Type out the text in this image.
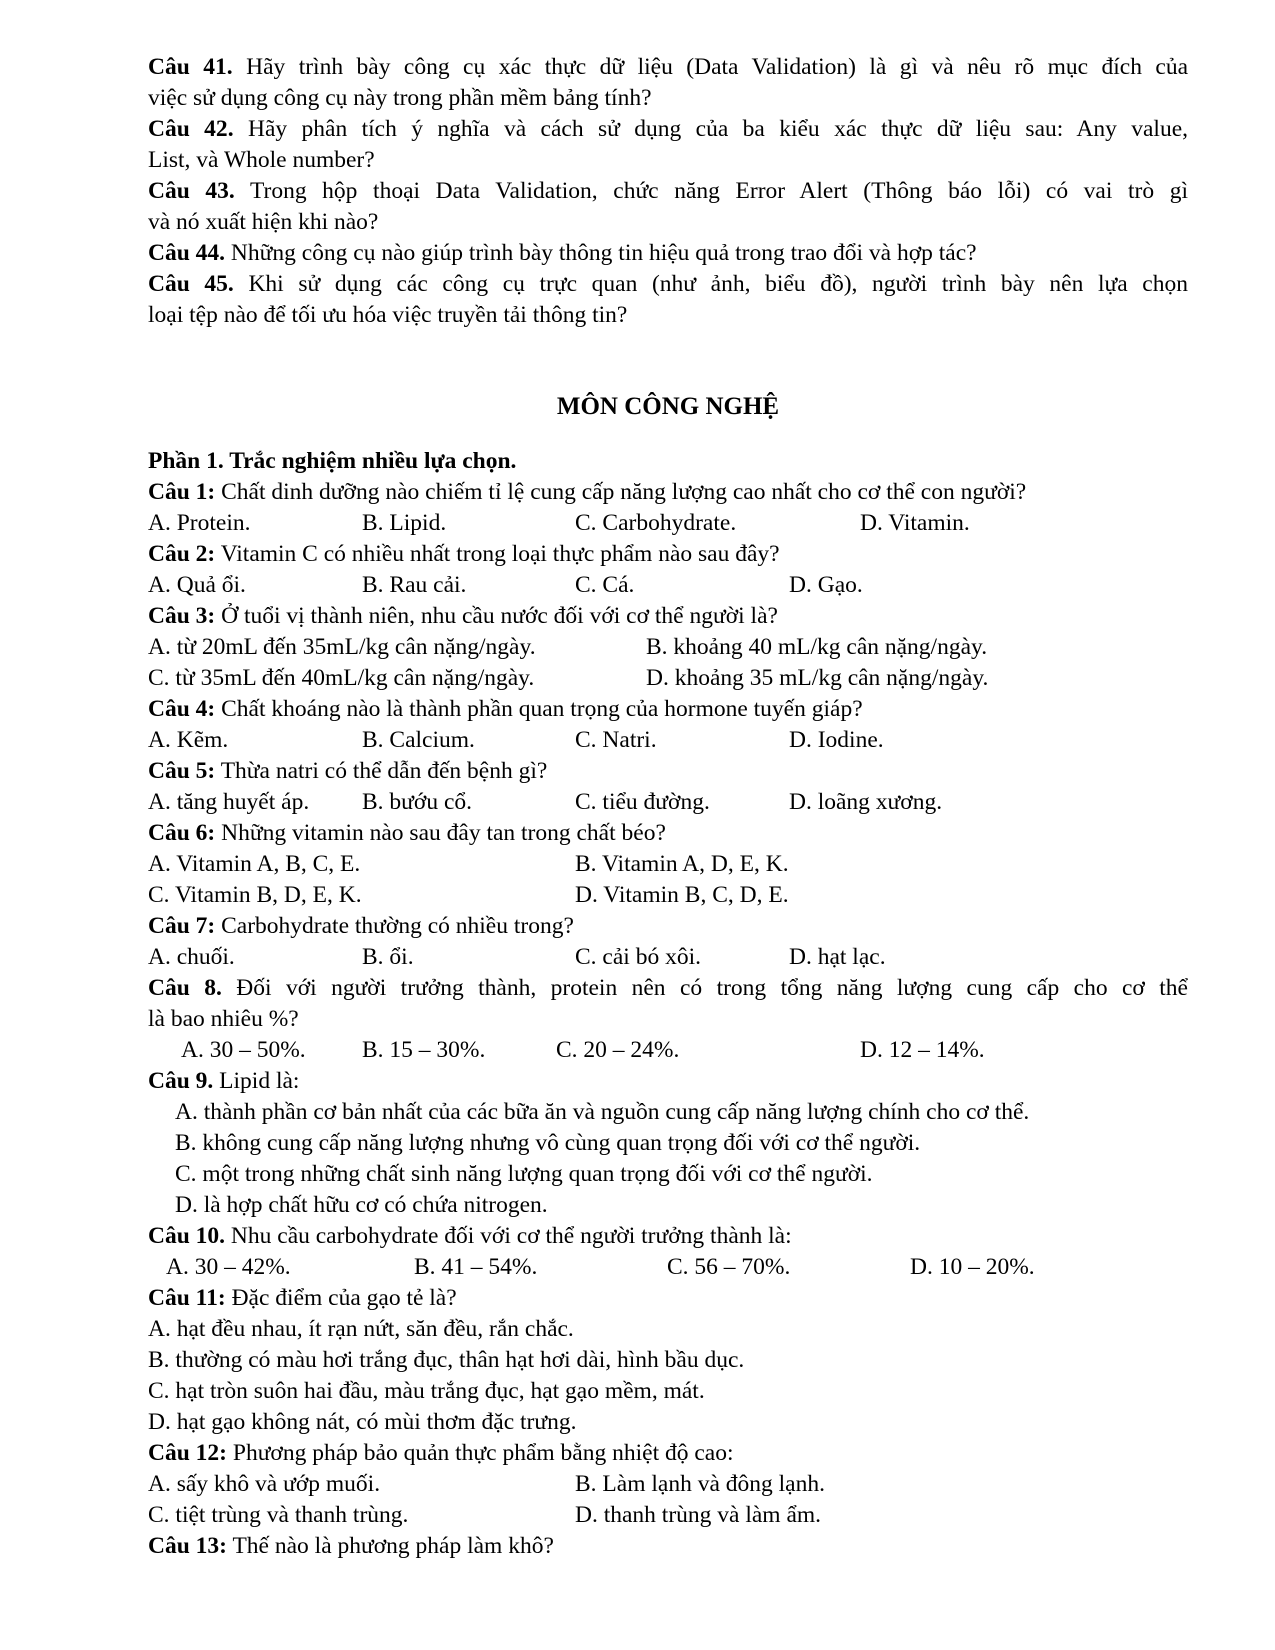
Câu 41. Hãy trình bày công cụ xác thực dữ liệu (Data Validation) là gì và nêu rõ mục đích của
việc sử dụng công cụ này trong phần mềm bảng tính?
Câu 42. Hãy phân tích ý nghĩa và cách sử dụng của ba kiểu xác thực dữ liệu sau: Any value,
List, và Whole number?
Câu 43. Trong hộp thoại Data Validation, chức năng Error Alert (Thông báo lỗi) có vai trò gì
và nó xuất hiện khi nào?
Câu 44. Những công cụ nào giúp trình bày thông tin hiệu quả trong trao đổi và hợp tác?
Câu 45. Khi sử dụng các công cụ trực quan (như ảnh, biểu đồ), người trình bày nên lựa chọn
loại tệp nào để tối ưu hóa việc truyền tải thông tin?
MÔN CÔNG NGHỆ
Phần 1. Trắc nghiệm nhiều lựa chọn.
Câu 1: Chất dinh dưỡng nào chiếm tỉ lệ cung cấp năng lượng cao nhất cho cơ thể con người?
A. Protein.	B. Lipid.	C. Carbohydrate.	D. Vitamin.
Câu 2: Vitamin C có nhiều nhất trong loại thực phẩm nào sau đây?
A. Quả ổi.	B. Rau cải.	C. Cá.	D. Gạo.
Câu 3: Ở tuổi vị thành niên, nhu cầu nước đối với cơ thể người là?
A. từ 20mL đến 35mL/kg cân nặng/ngày.	B. khoảng 40 mL/kg cân nặng/ngày.
C. từ 35mL đến 40mL/kg cân nặng/ngày.	D. khoảng 35 mL/kg cân nặng/ngày.
Câu 4: Chất khoáng nào là thành phần quan trọng của hormone tuyến giáp?
A. Kẽm.	B. Calcium.	C. Natri.	D. Iodine.
Câu 5: Thừa natri có thể dẫn đến bệnh gì?
A. tăng huyết áp. B. bướu cổ.	C. tiểu đường.	D. loãng xương.
Câu 6: Những vitamin nào sau đây tan trong chất béo?
A. Vitamin A, B, C, E.	B. Vitamin A, D, E, K.
C. Vitamin B, D, E, K.	D. Vitamin B, C, D, E.
Câu 7: Carbohydrate thường có nhiều trong?
A. chuối.	B. ổi.	C. cải bó xôi.	D. hạt lạc.
Câu 8. Đối với người trưởng thành, protein nên có trong tổng năng lượng cung cấp cho cơ thể
là bao nhiêu %?
A. 30 – 50%. B. 15 – 30%.	C. 20 – 24%.	D. 12 – 14%.
Câu 9. Lipid là:
A. thành phần cơ bản nhất của các bữa ăn và nguồn cung cấp năng lượng chính cho cơ thể.
B. không cung cấp năng lượng nhưng vô cùng quan trọng đối với cơ thể người.
C. một trong những chất sinh năng lượng quan trọng đối với cơ thể người.
D. là hợp chất hữu cơ có chứa nitrogen.
Câu 10. Nhu cầu carbohydrate đối với cơ thể người trưởng thành là:
A. 30 – 42%.	B. 41 – 54%.	C. 56 – 70%.	D. 10 – 20%.
Câu 11: Đặc điểm của gạo tẻ là?
A. hạt đều nhau, ít rạn nứt, săn đều, rắn chắc.
B. thường có màu hơi trắng đục, thân hạt hơi dài, hình bầu dục.
C. hạt tròn suôn hai đầu, màu trắng đục, hạt gạo mềm, mát.
D. hạt gạo không nát, có mùi thơm đặc trưng.
Câu 12: Phương pháp bảo quản thực phẩm bằng nhiệt độ cao:
A. sấy khô và ướp muối.	B. Làm lạnh và đông lạnh.
C. tiệt trùng và thanh trùng.	D. thanh trùng và làm ẩm.
Câu 13: Thế nào là phương pháp làm khô?
